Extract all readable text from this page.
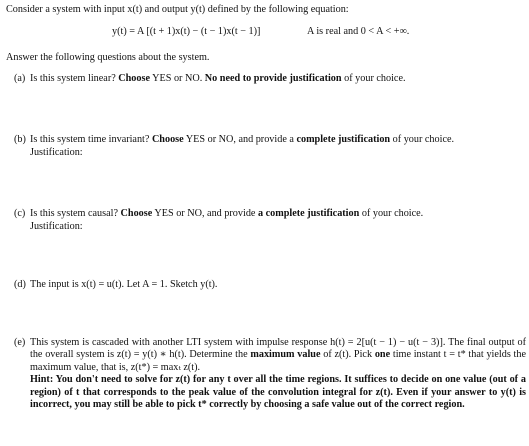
Consider a system with input x(t) and output y(t) defined by the following equation:
y(t) = A [(t + 1)x(t) − (t − 1)x(t − 1)]	A is real and 0 < A < +∞.
Answer the following questions about the system.
(a) Is this system linear? Choose YES or NO. No need to provide justification of your choice.
(b) Is this system time invariant? Choose YES or NO, and provide a complete justification of your choice.
Justification:
(c) Is this system causal? Choose YES or NO, and provide a complete justification of your choice.
Justification:
(d) The input is x(t) = u(t). Let A = 1. Sketch y(t).
(e) This system is cascaded with another LTI system with impulse response h(t) = 2[u(t − 1) − u(t − 3)]. The final output of the overall system is z(t) = y(t) ∗ h(t). Determine the maximum value of z(t). Pick one time instant t = t* that yields the maximum value, that is, z(t*) = maxₜ z(t).
Hint: You don't need to solve for z(t) for any t over all the time regions. It suffices to decide on one value (out of a region) of t that corresponds to the peak value of the convolution integral for z(t). Even if your answer to y(t) is incorrect, you may still be able to pick t* correctly by choosing a safe value out of the correct region.
